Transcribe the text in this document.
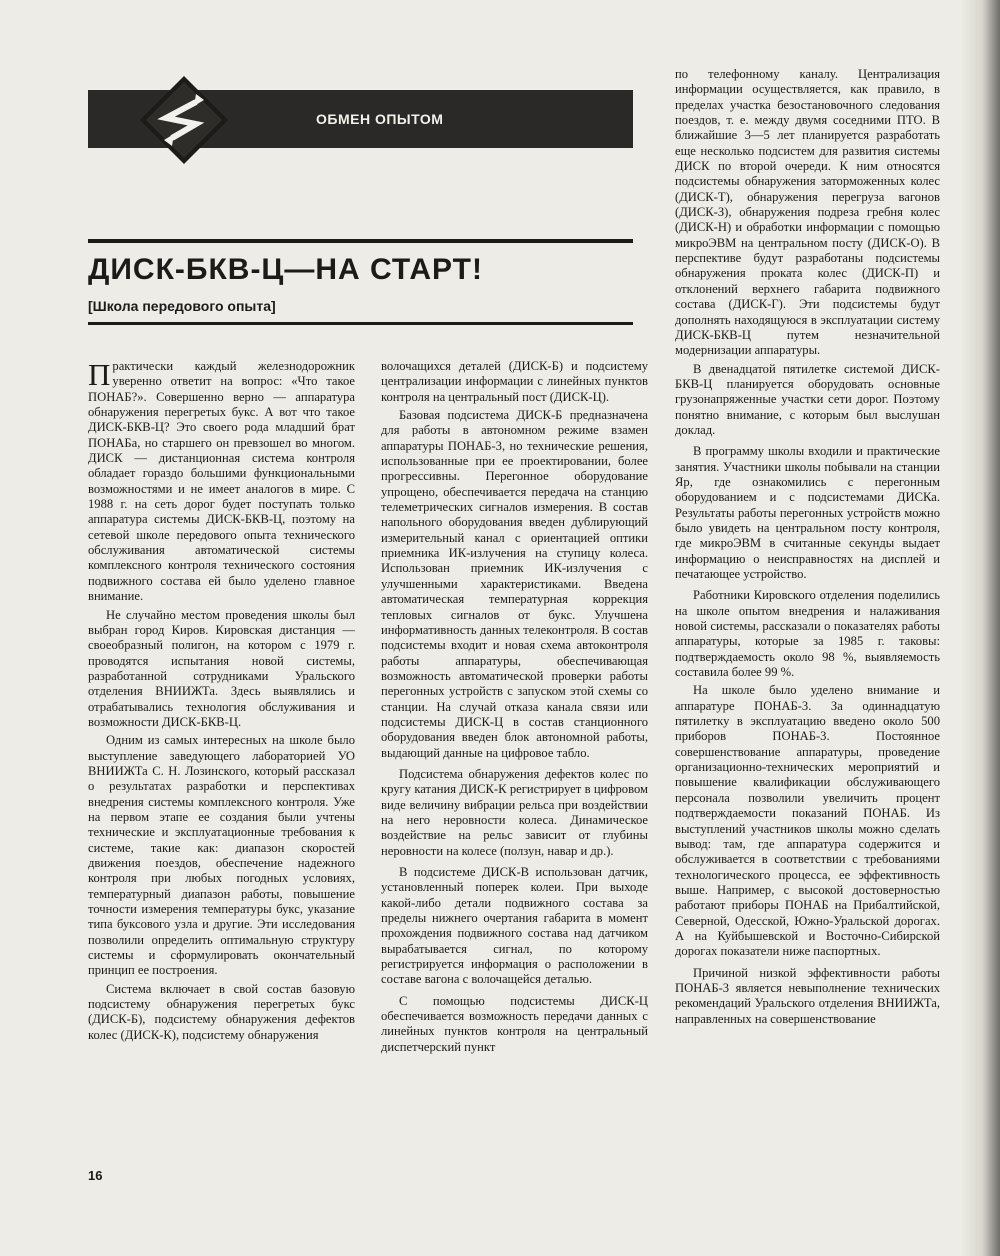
ОБМЕН ОПЫТОМ
ДИСК-БКВ-Ц—НА СТАРТ!
[Школа передового опыта]

Практически каждый железнодорожник уверенно ответит на вопрос: «Что такое ПОНАБ?». Совершенно верно — аппаратура обнаружения перегретых букс. А вот что такое ДИСК-БКВ-Ц? Это своего рода младший брат ПОНАБа, но старшего он превзошел во многом. ДИСК — дистанционная система контроля обладает гораздо большими функциональными возможностями и не имеет аналогов в мире. С 1988 г. на сеть дорог будет поступать только аппаратура системы ДИСК-БКВ-Ц, поэтому на сетевой школе передового опыта технического обслуживания автоматической системы комплексного контроля технического состояния подвижного состава ей было уделено главное внимание.

Не случайно местом проведения школы был выбран город Киров. Кировская дистанция — своеобразный полигон, на котором с 1979 г. проводятся испытания новой системы, разработанной сотрудниками Уральского отделения ВНИИЖТа. Здесь выявлялись и отрабатывались технология обслуживания и возможности ДИСК-БКВ-Ц.

Одним из самых интересных на школе было выступление заведующего лабораторией УО ВНИИЖТа С. Н. Лозинского, который рассказал о результатах разработки и перспективах внедрения системы комплексного контроля. Уже на первом этапе ее создания были учтены технические и эксплуатационные требования к системе, такие как: диапазон скоростей движения поездов, обеспечение надежного контроля при любых погодных условиях, температурный диапазон работы, повышение точности измерения температуры букс, указание типа буксового узла и другие. Эти исследования позволили определить оптимальную структуру системы и сформулировать окончательный принцип ее построения.

Система включает в свой состав базовую подсистему обнаружения перегретых букс (ДИСК-Б), подсистему обнаружения дефектов колес (ДИСК-К), подсистему обнаружения

волочащихся деталей (ДИСК-Б) и подсистему централизации информации с линейных пунктов контроля на центральный пост (ДИСК-Ц).

Базовая подсистема ДИСК-Б предназначена для работы в автономном режиме взамен аппаратуры ПОНАБ-3, но технические решения, использованные при ее проектировании, более прогрессивны. Перегонное оборудование упрощено, обеспечивается передача на станцию телеметрических сигналов измерения. В состав напольного оборудования введен дублирующий измерительный канал с ориентацией оптики приемника ИК-излучения на ступицу колеса. Использован приемник ИК-излучения с улучшенными характеристиками. Введена автоматическая температурная коррекция тепловых сигналов от букс. Улучшена информативность данных телеконтроля. В состав подсистемы входит и новая схема автоконтроля работы аппаратуры, обеспечивающая возможность автоматической проверки работы перегонных устройств с запуском этой схемы со станции. На случай отказа канала связи или подсистемы ДИСК-Ц в состав станционного оборудования введен блок автономной работы, выдающий данные на цифровое табло.

Подсистема обнаружения дефектов колес по кругу катания ДИСК-К регистрирует в цифровом виде величину вибрации рельса при воздействии на него неровности колеса. Динамическое воздействие на рельс зависит от глубины неровности на колесе (ползун, навар и др.).

В подсистеме ДИСК-В использован датчик, установленный поперек колеи. При выходе какой-либо детали подвижного состава за пределы нижнего очертания габарита в момент прохождения подвижного состава над датчиком вырабатывается сигнал, по которому регистрируется информация о расположении в составе вагона с волочащейся деталью.

С помощью подсистемы ДИСК-Ц обеспечивается возможность передачи данных с линейных пунктов контроля на центральный диспетчерский пункт

по телефонному каналу. Централизация информации осуществляется, как правило, в пределах участка безостановочного следования поездов, т. е. между двумя соседними ПТО. В ближайшие 3—5 лет планируется разработать еще несколько подсистем для развития системы ДИСК по второй очереди. К ним относятся подсистемы обнаружения заторможенных колес (ДИСК-Т), обнаружения перегруза вагонов (ДИСК-З), обнаружения подреза гребня колес (ДИСК-Н) и обработки информации с помощью микроЭВМ на центральном посту (ДИСК-О). В перспективе будут разработаны подсистемы обнаружения проката колес (ДИСК-П) и отклонений верхнего габарита подвижного состава (ДИСК-Г). Эти подсистемы будут дополнять находящуюся в эксплуатации систему ДИСК-БКВ-Ц путем незначительной модернизации аппаратуры.

В двенадцатой пятилетке системой ДИСК-БКВ-Ц планируется оборудовать основные грузонапряженные участки сети дорог. Поэтому понятно внимание, с которым был выслушан доклад.

В программу школы входили и практические занятия. Участники школы побывали на станции Яр, где ознакомились с перегонным оборудованием и с подсистемами ДИСКа. Результаты работы перегонных устройств можно было увидеть на центральном посту контроля, где микроЭВМ в считанные секунды выдает информацию о неисправностях на дисплей и печатающее устройство.

Работники Кировского отделения поделились на школе опытом внедрения и налаживания новой системы, рассказали о показателях работы аппаратуры, которые за 1985 г. таковы: подтверждаемость около 98 %, выявляемость составила более 99 %.

На школе было уделено внимание и аппаратуре ПОНАБ-3. За одиннадцатую пятилетку в эксплуатацию введено около 500 приборов ПОНАБ-3. Постоянное совершенствование аппаратуры, проведение организационно-технических мероприятий и повышение квалификации обслуживающего персонала позволили увеличить процент подтверждаемости показаний ПОНАБ. Из выступлений участников школы можно сделать вывод: там, где аппаратура содержится и обслуживается в соответствии с требованиями технологического процесса, ее эффективность выше. Например, с высокой достоверностью работают приборы ПОНАБ на Прибалтийской, Северной, Одесской, Южно-Уральской дорогах. А на Куйбышевской и Восточно-Сибирской дорогах показатели ниже паспортных.

Причиной низкой эффективности работы ПОНАБ-3 является невыполнение технических рекомендаций Уральского отделения ВНИИЖТа, направленных на совершенствование

16
